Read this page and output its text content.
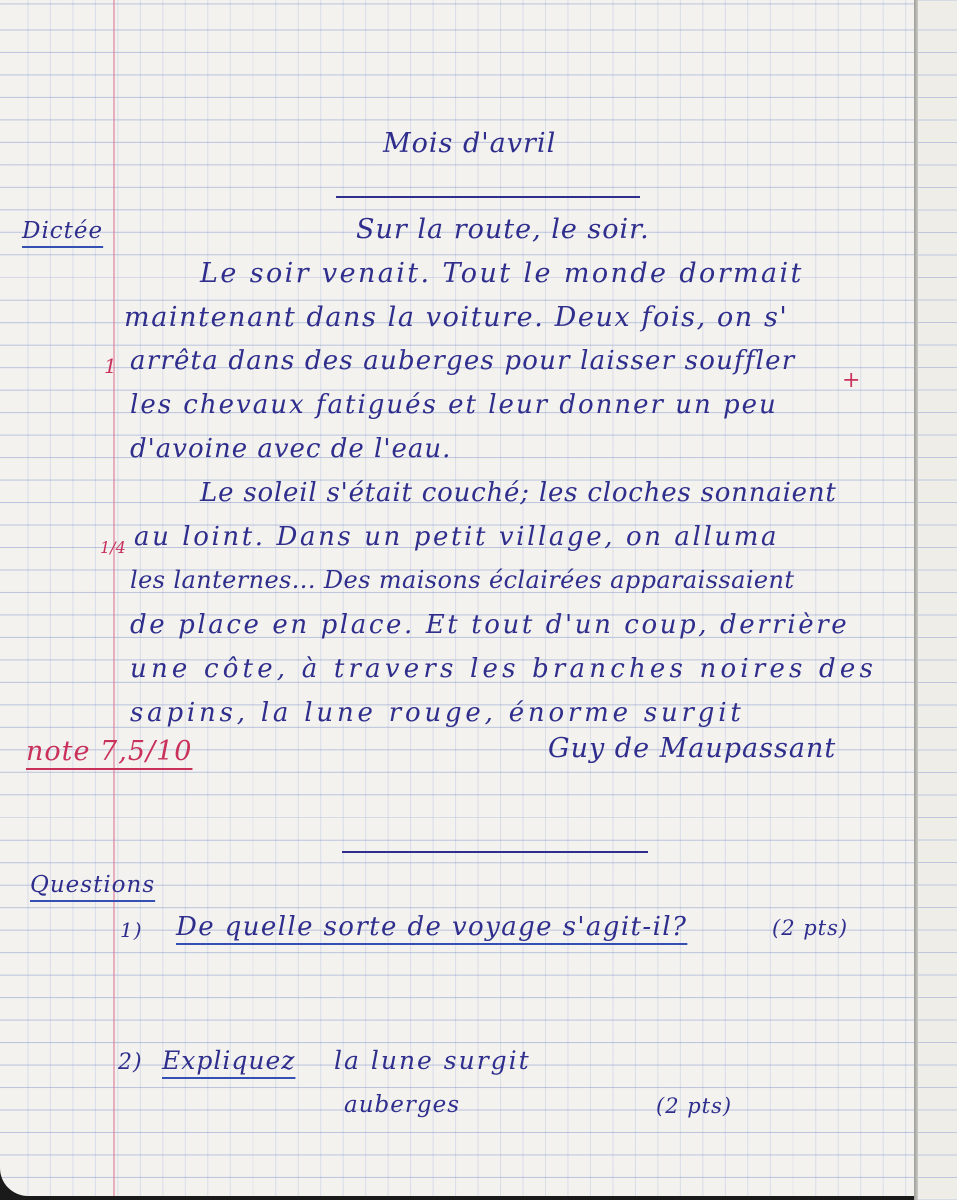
Mois d'avril

Dictée	Sur la route, le soir.

Le soir venait. Tout le monde dormait

maintenant dans la voiture. Deux fois, on s'

arrêta dans des auberges pour laisser souffler

les chevaux fatigués et leur donner un peu

d'avoine avec de l'eau.

Le soleil s'était couché; les cloches sonnaient

au loint. Dans un petit village, on alluma

les lanternes... Des maisons éclairées apparaissaient

de place en place. Et tout d'un coup, derrière

une côte, à travers les branches noires des

sapins, la lune rouge, énorme surgit

1

1/4

+

note 7,5/10	Guy de Maupassant

Questions

1) De quelle sorte de voyage s'agit-il?	(2 pts)

2) Expliquez la lune surgit

auberges	(2 pts)
